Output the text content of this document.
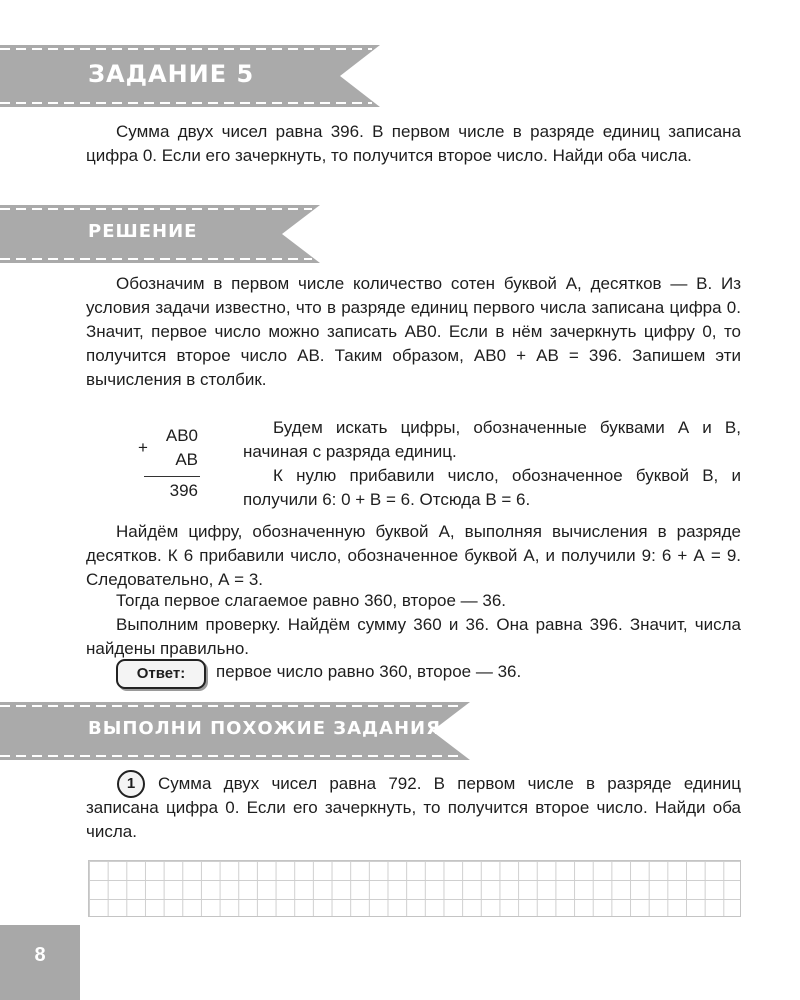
ЗАДАНИЕ 5

Сумма двух чисел равна 396. В первом числе в разряде единиц записана цифра 0. Если его зачеркнуть, то получится второе число. Найди оба числа.

РЕШЕНИЕ

Обозначим в первом числе количество сотен буквой А, десятков — В. Из условия задачи известно, что в разряде единиц первого числа записана цифра 0. Значит, первое число можно записать АВ0. Если в нём зачеркнуть цифру 0, то получится второе число АВ. Таким образом, АВ0 + АВ = 396. Запишем эти вычисления в столбик.

+
АВ0
АВ
396

Будем искать цифры, обозначенные буквами А и В, начиная с разряда единиц.

К нулю прибавили число, обозначенное буквой В, и получили 6: 0 + В = 6. Отсюда В = 6.

Найдём цифру, обозначенную буквой А, выполняя вычисления в разряде десятков. К 6 прибавили число, обозначенное буквой А, и получили 9: 6 + А = 9. Следовательно, А = 3.

Тогда первое слагаемое равно 360, второе — 36.

Выполним проверку. Найдём сумму 360 и 36. Она равна 396. Значит, числа найдены правильно.

Ответ:	первое число равно 360, второе — 36.
ВЫПОЛНИ ПОХОЖИЕ ЗАДАНИЯ
1	Сумма двух чисел равна 792. В первом числе в разряде единиц записана цифра 0. Если его зачеркнуть, то получится второе число. Найди оба числа.

8
